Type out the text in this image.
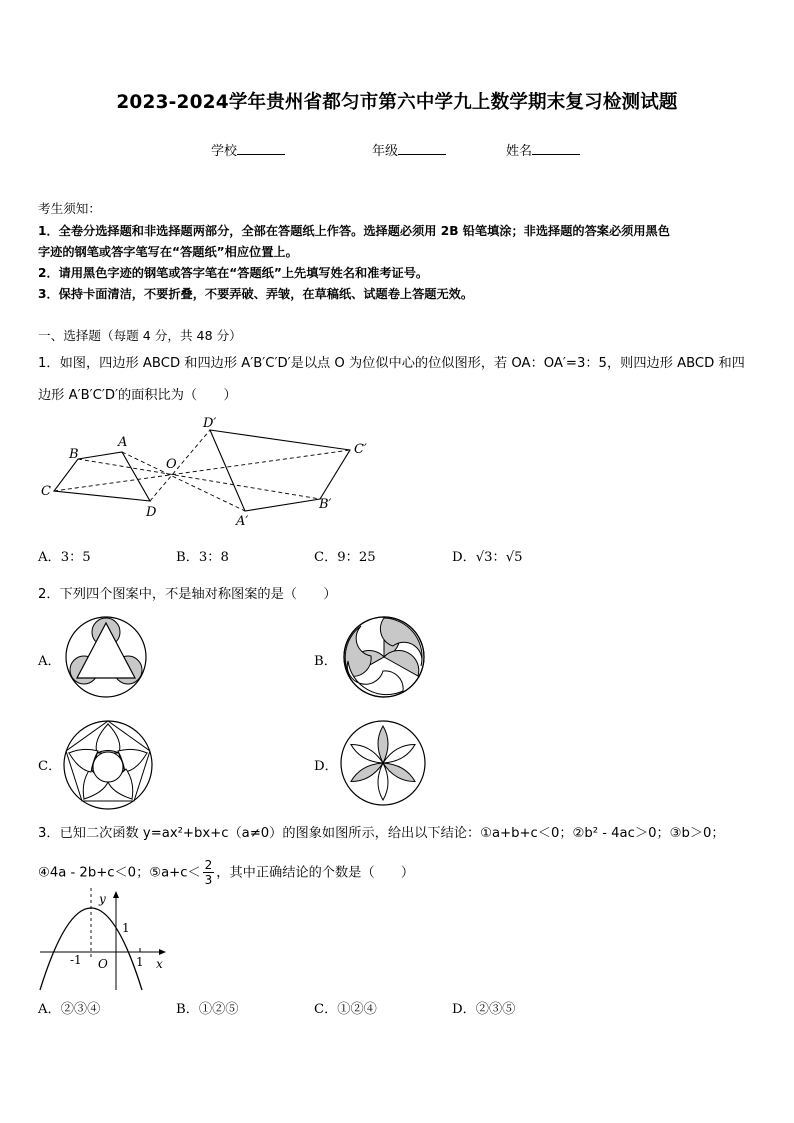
2023-2024学年贵州省都匀市第六中学九上数学期末复习检测试题
学校	年级	姓名
考生须知：
1．全卷分选择题和非选择题两部分，全部在答题纸上作答。选择题必须用 2B 铅笔填涂；非选择题的答案必须用黑色
字迹的钢笔或答字笔写在“答题纸”相应位置上。
2．请用黑色字迹的钢笔或答字笔在“答题纸”上先填写姓名和准考证号。
3．保持卡面清洁，不要折叠，不要弄破、弄皱，在草稿纸、试题卷上答题无效。
一、选择题（每题 4 分，共 48 分）
1．如图，四边形 ABCD 和四边形 A′B′C′D′是以点 O 为位似中心的位似图形，若 OA：OA′=3：5，则四边形 ABCD 和四
边形 A′B′C′D′的面积比为（　　）
A
B
C
D
O
A′
B′
C′
D′
A．3：5	B．3：8	C．9：25	D．√3：√5
2．下列四个图案中，不是轴对称图案的是（　　）
A．	B．
C．	D．
3．已知二次函数 y=ax²+bx+c（a≠0）的图象如图所示，给出以下结论：①a+b+c＜0；②b² - 4ac＞0；③b＞0；
④4a - 2b+c＜0；⑤a+c＜ $\frac{2}{3}$ ，其中正确结论的个数是（　　）
y
1
-1 O 1 x
A．②③④	B．①②⑤	C．①②④	D．②③⑤
